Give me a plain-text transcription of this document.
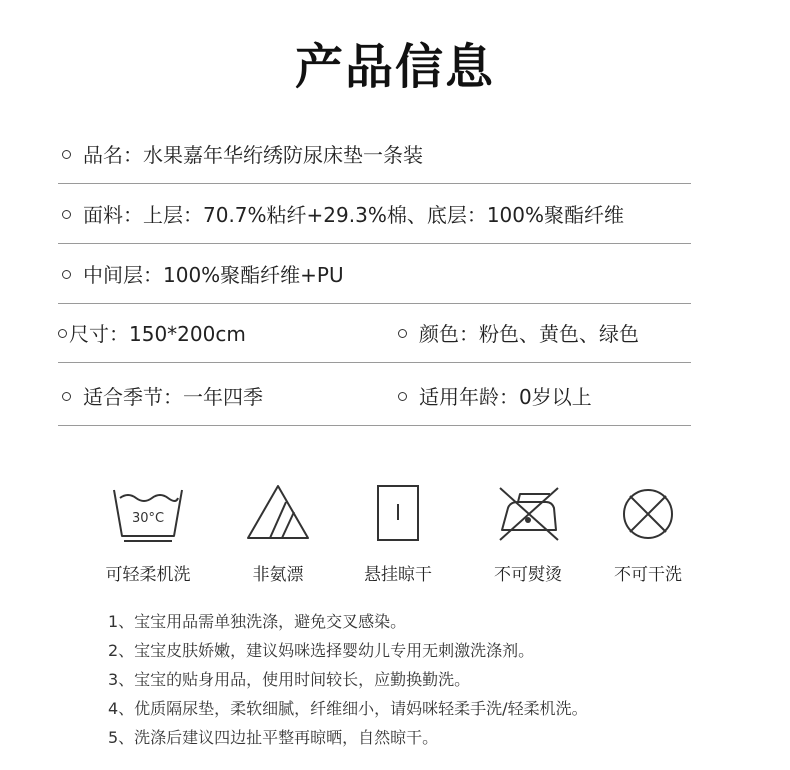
产品信息
品名：水果嘉年华绗绣防尿床垫一条装
面料：上层：70.7%粘纤+29.3%棉、底层：100%聚酯纤维
中间层：100%聚酯纤维+PU
尺寸：150*200cm	颜色：粉色、黄色、绿色
适合季节：一年四季	适用年龄：0岁以上
30°C
可轻柔机洗	非氨漂	悬挂晾干	不可熨烫	不可干洗
1、宝宝用品需单独洗涤，避免交叉感染。
2、宝宝皮肤娇嫩，建议妈咪选择婴幼儿专用无刺激洗涤剂。
3、宝宝的贴身用品，使用时间较长，应勤换勤洗。
4、优质隔尿垫，柔软细腻，纤维细小，请妈咪轻柔手洗/轻柔机洗。
5、洗涤后建议四边扯平整再晾晒，自然晾干。
